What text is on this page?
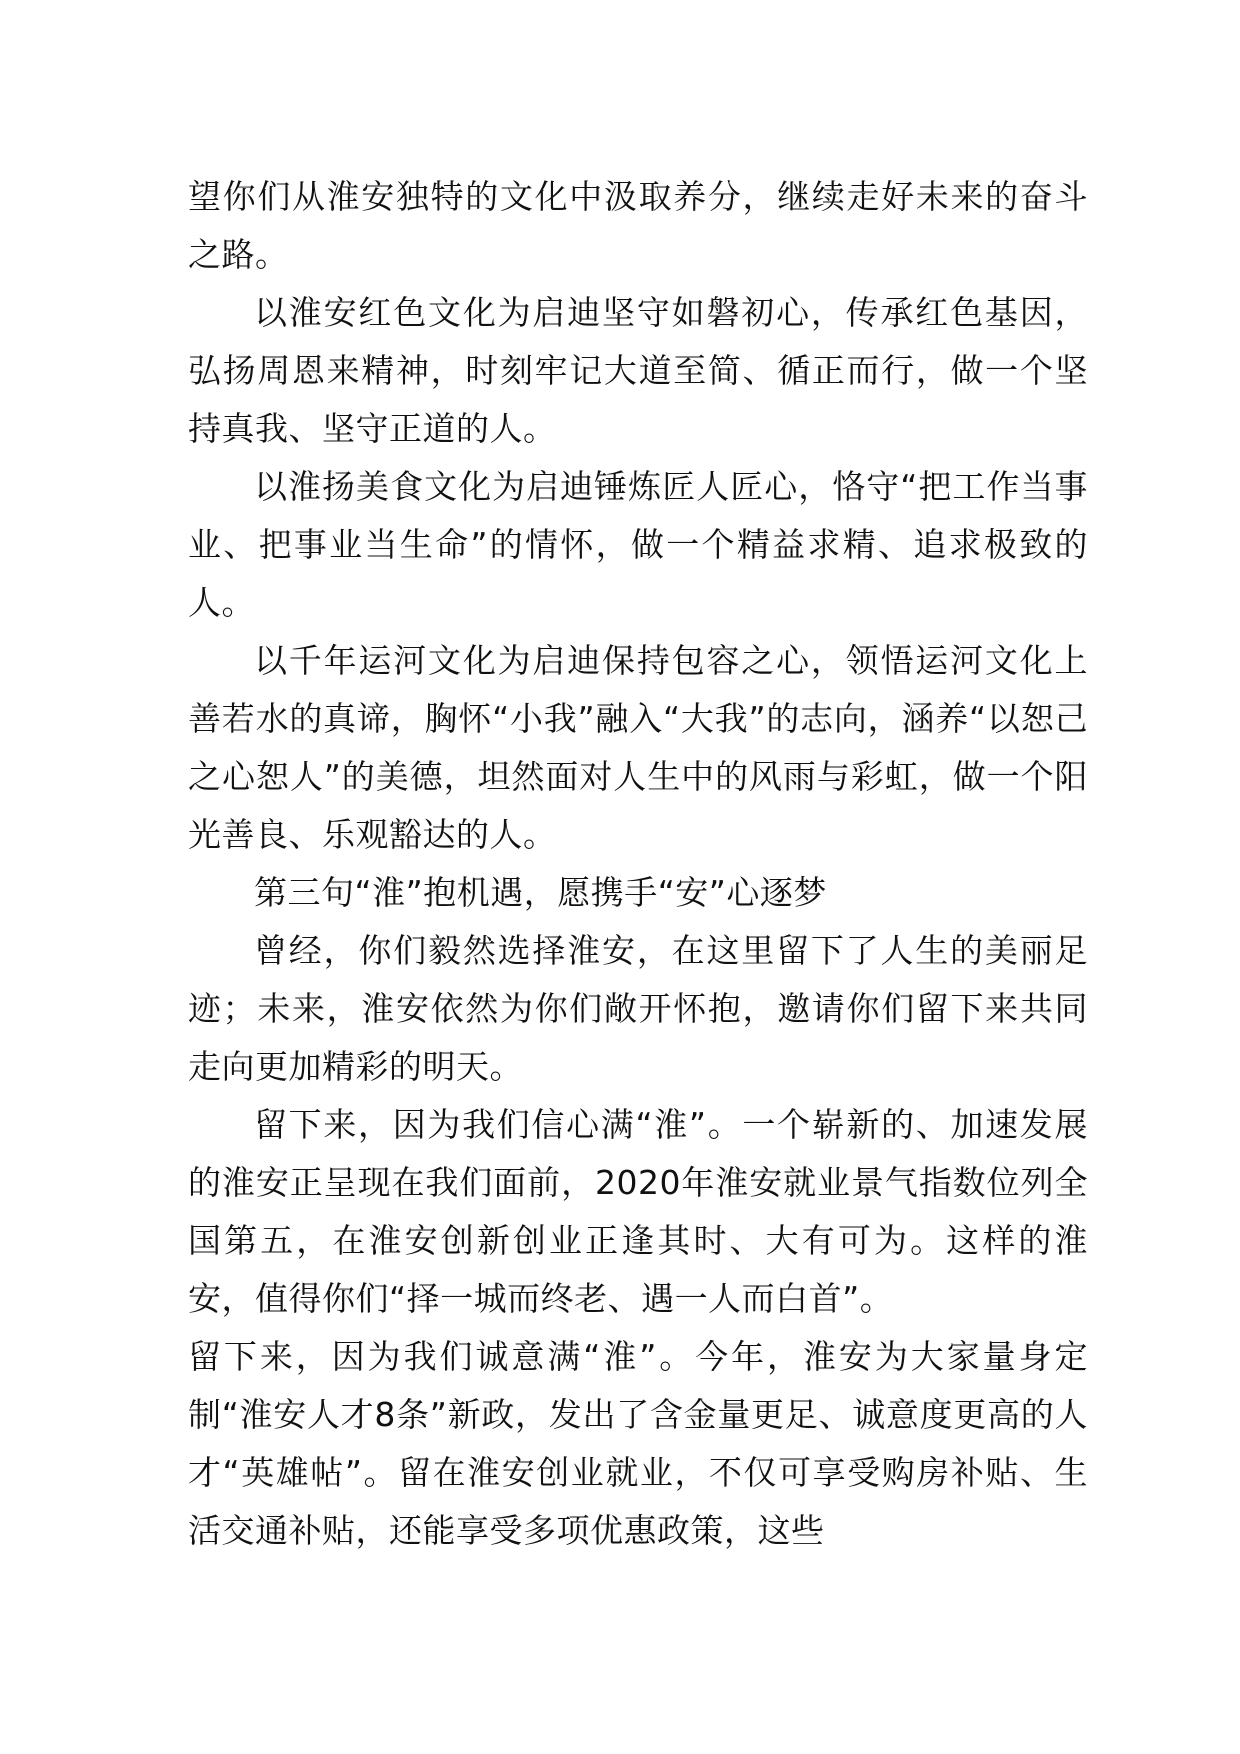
望你们从淮安独特的文化中汲取养分，继续走好未来的奋斗之路。

以淮安红色文化为启迪坚守如磐初心，传承红色基因，弘扬周恩来精神，时刻牢记大道至简、循正而行，做一个坚持真我、坚守正道的人。

以淮扬美食文化为启迪锤炼匠人匠心，恪守“把工作当事业、把事业当生命”的情怀，做一个精益求精、追求极致的人。

以千年运河文化为启迪保持包容之心，领悟运河文化上善若水的真谛，胸怀“小我”融入“大我”的志向，涵养“以恕己之心恕人”的美德，坦然面对人生中的风雨与彩虹，做一个阳光善良、乐观豁达的人。

第三句“淮”抱机遇，愿携手“安”心逐梦

曾经，你们毅然选择淮安，在这里留下了人生的美丽足迹；未来，淮安依然为你们敞开怀抱，邀请你们留下来共同走向更加精彩的明天。

留下来，因为我们信心满“淮”。一个崭新的、加速发展的淮安正呈现在我们面前，2020年淮安就业景气指数位列全国第五，在淮安创新创业正逢其时、大有可为。这样的淮安，值得你们“择一城而终老、遇一人而白首”。

留下来，因为我们诚意满“淮”。今年，淮安为大家量身定制“淮安人才8条”新政，发出了含金量更足、诚意度更高的人才“英雄帖”。留在淮安创业就业，不仅可享受购房补贴、生活交通补贴，还能享受多项优惠政策，这些
